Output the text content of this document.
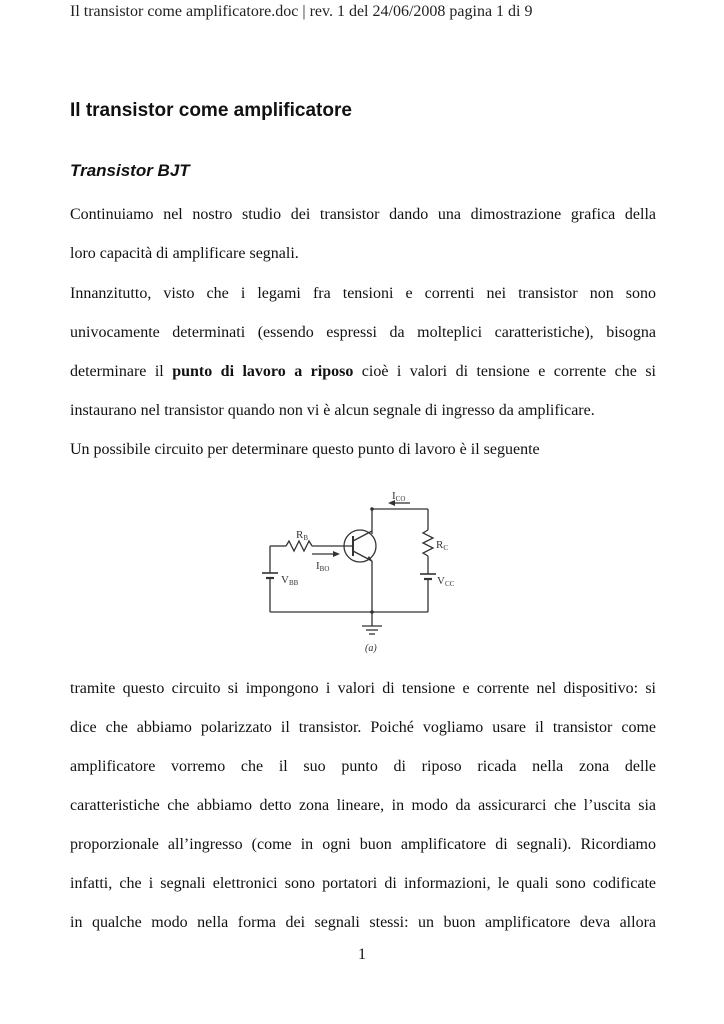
Il transistor come amplificatore.doc | rev. 1 del 24/06/2008 pagina 1 di 9
Il transistor come amplificatore
Transistor BJT
Continuiamo nel nostro studio dei transistor dando una dimostrazione grafica della
loro capacità di amplificare segnali.
Innanzitutto, visto che i legami fra tensioni e correnti nei transistor non sono
univocamente determinati (essendo espressi da molteplici caratteristiche), bisogna
determinare il punto di lavoro a riposo cioè i valori di tensione e corrente che si
instaurano nel transistor quando non vi è alcun segnale di ingresso da amplificare.
Un possibile circuito per determinare questo punto di lavoro è il seguente
ICO
RB
IBO
RC
VBB	VCC
(a)
tramite questo circuito si impongono i valori di tensione e corrente nel dispositivo: si
dice che abbiamo polarizzato il transistor. Poiché vogliamo usare il transistor come
amplificatore vorremo che il suo punto di riposo ricada nella zona delle
caratteristiche che abbiamo detto zona lineare, in modo da assicurarci che l’uscita sia
proporzionale all’ingresso (come in ogni buon amplificatore di segnali). Ricordiamo
infatti, che i segnali elettronici sono portatori di informazioni, le quali sono codificate
in qualche modo nella forma dei segnali stessi: un buon amplificatore deva allora
1
